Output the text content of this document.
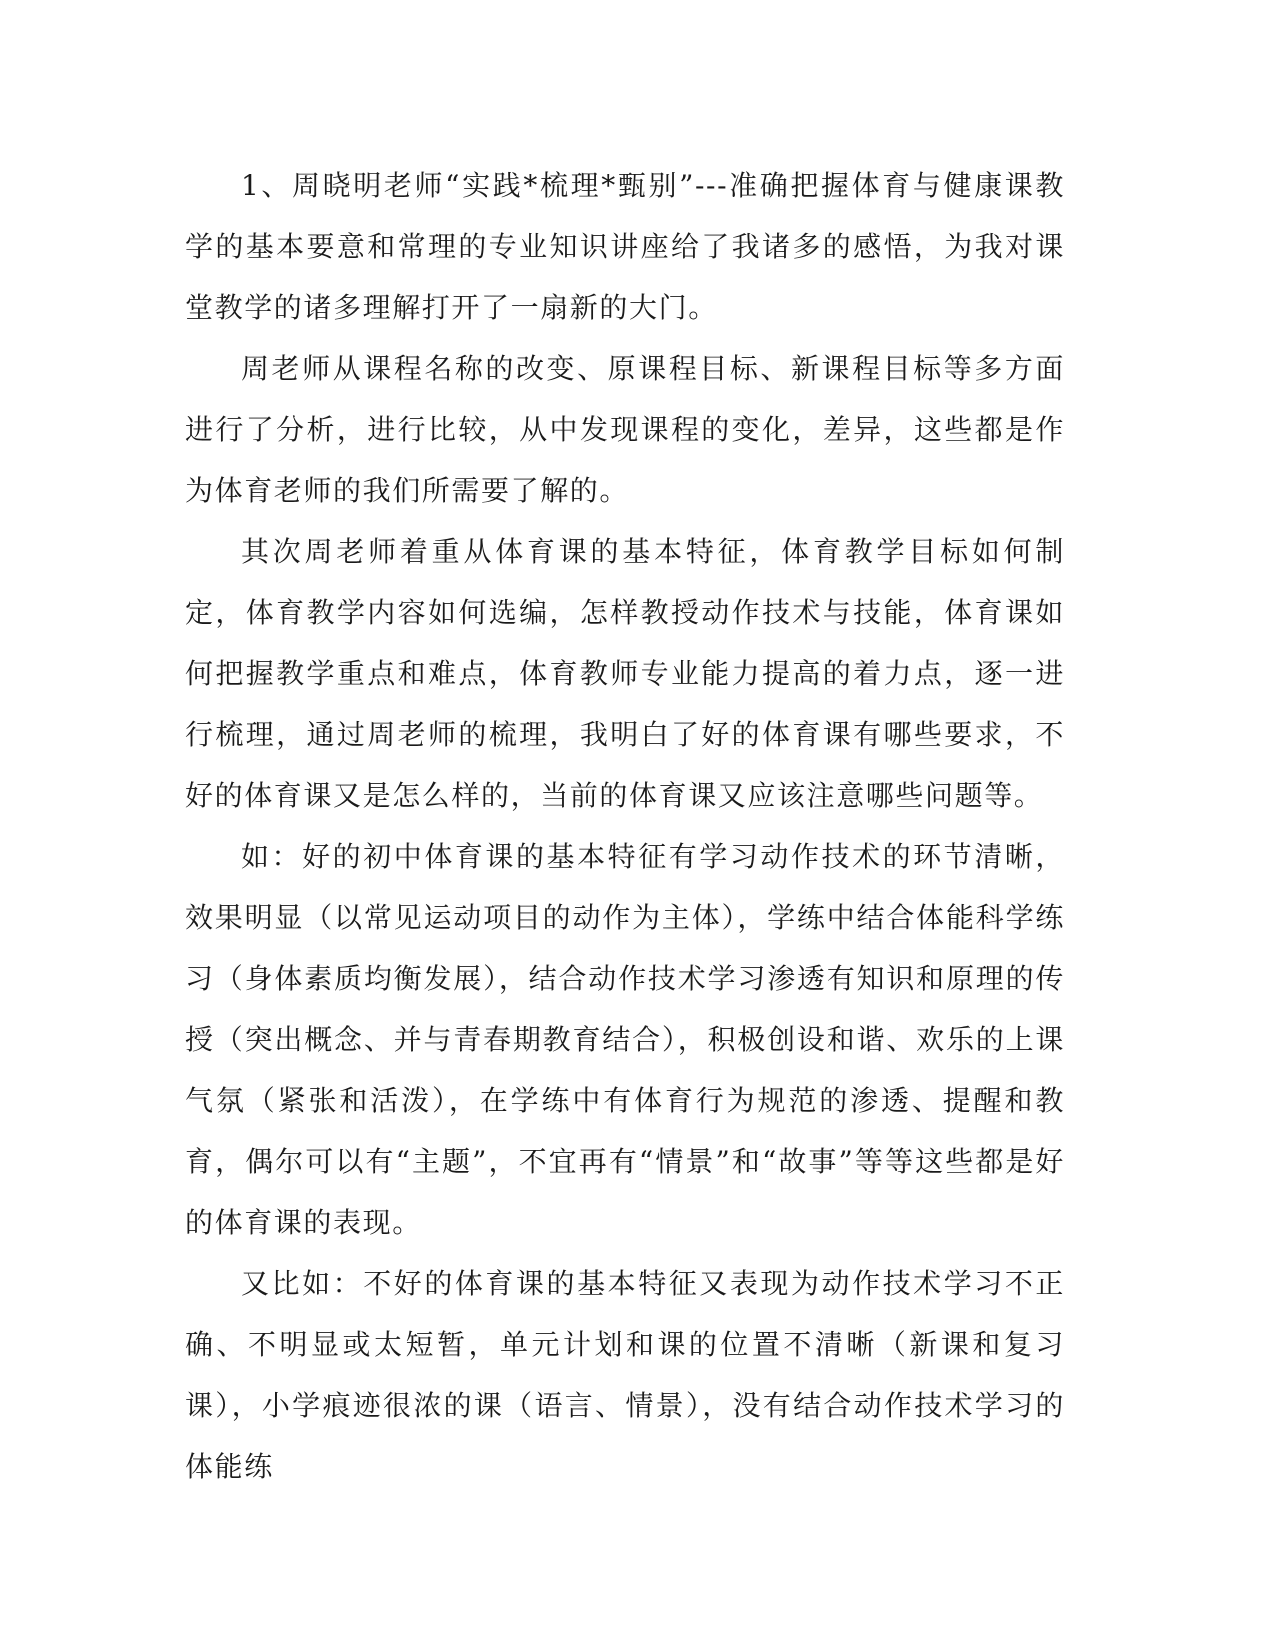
1、周晓明老师“实践*梳理*甄别”---准确把握体育与健康课教学的基本要意和常理的专业知识讲座给了我诸多的感悟，为我对课堂教学的诸多理解打开了一扇新的大门。

周老师从课程名称的改变、原课程目标、新课程目标等多方面进行了分析，进行比较，从中发现课程的变化，差异，这些都是作为体育老师的我们所需要了解的。

其次周老师着重从体育课的基本特征，体育教学目标如何制定，体育教学内容如何选编，怎样教授动作技术与技能，体育课如何把握教学重点和难点，体育教师专业能力提高的着力点，逐一进行梳理，通过周老师的梳理，我明白了好的体育课有哪些要求，不好的体育课又是怎么样的，当前的体育课又应该注意哪些问题等。

如：好的初中体育课的基本特征有学习动作技术的环节清晰，效果明显（以常见运动项目的动作为主体），学练中结合体能科学练习（身体素质均衡发展），结合动作技术学习渗透有知识和原理的传授（突出概念、并与青春期教育结合），积极创设和谐、欢乐的上课气氛（紧张和活泼），在学练中有体育行为规范的渗透、提醒和教育，偶尔可以有“主题”，不宜再有“情景”和“故事”等等这些都是好的体育课的表现。

又比如：不好的体育课的基本特征又表现为动作技术学习不正确、不明显或太短暂，单元计划和课的位置不清晰（新课和复习课），小学痕迹很浓的课（语言、情景），没有结合动作技术学习的体能练
